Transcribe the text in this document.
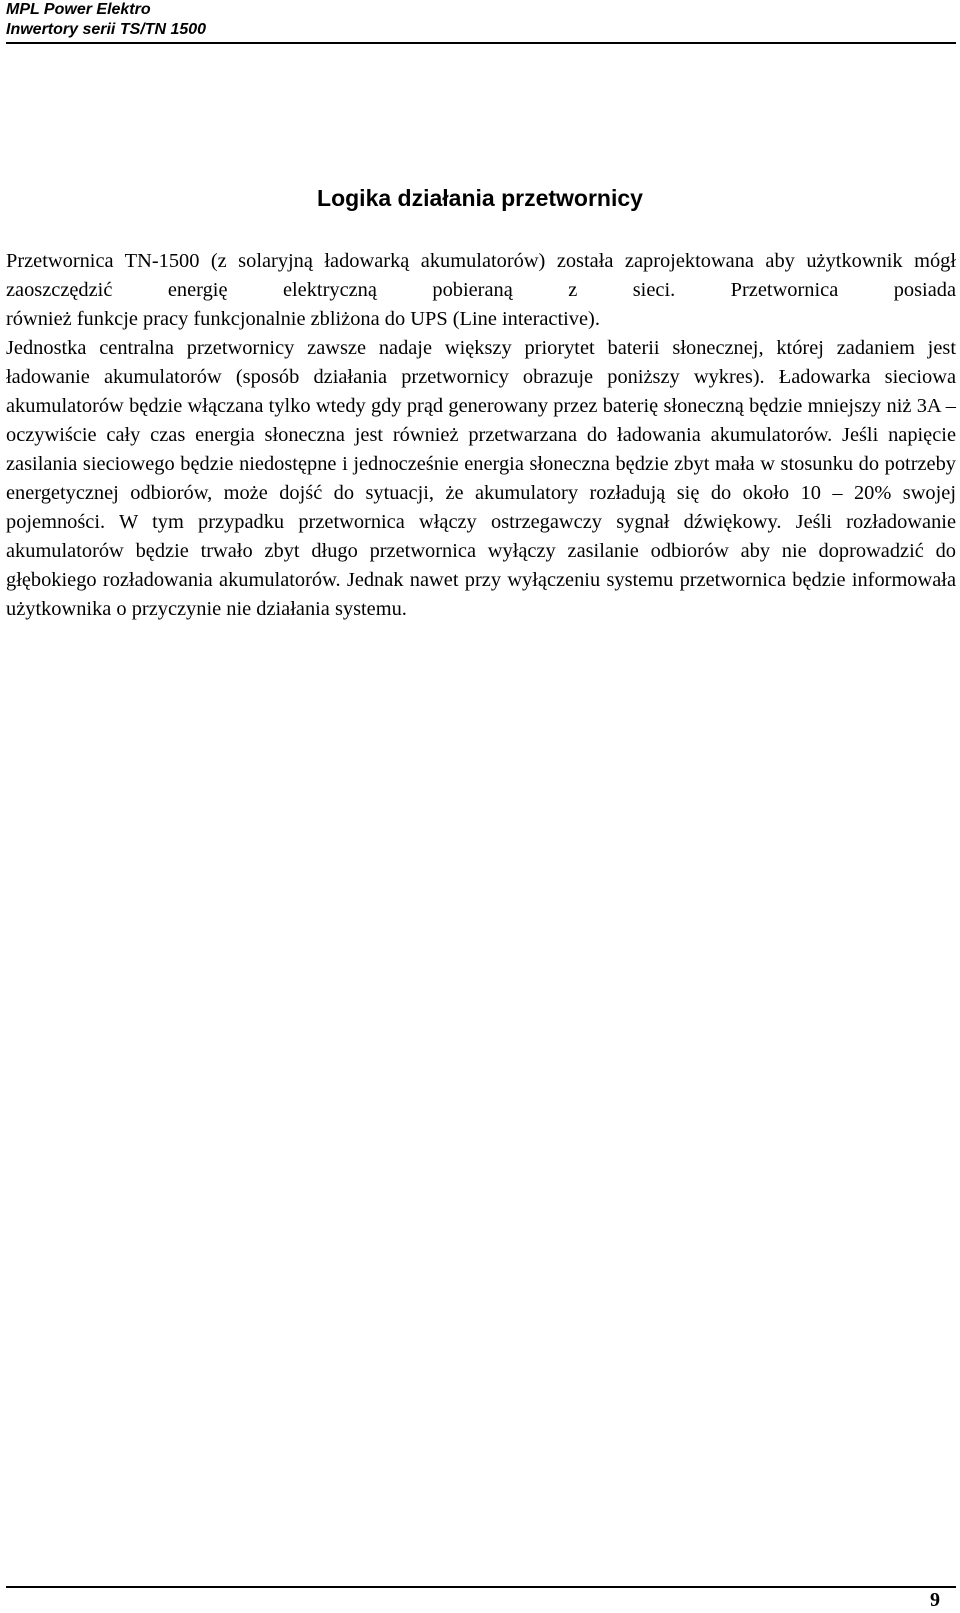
MPL Power Elektro
Inwertory serii TS/TN 1500
Logika działania przetwornicy

Przetwornica TN-1500 (z solaryjną ładowarką akumulatorów) została zaprojektowana aby użytkownik mógł zaoszczędzić energię elektryczną pobieraną z sieci. Przetwornica posiada

również funkcje pracy funkcjonalnie zbliżona do UPS (Line interactive).

Jednostka centralna przetwornicy zawsze nadaje większy priorytet baterii słonecznej, której zadaniem jest ładowanie akumulatorów (sposób działania przetwornicy obrazuje poniższy wykres). Ładowarka sieciowa akumulatorów będzie włączana tylko wtedy gdy prąd generowany przez baterię słoneczną będzie mniejszy niż 3A – oczywiście cały czas energia słoneczna jest również przetwarzana do ładowania akumulatorów. Jeśli napięcie zasilania sieciowego będzie niedostępne i jednocześnie energia słoneczna będzie zbyt mała w stosunku do potrzeby energetycznej odbiorów, może dojść do sytuacji, że akumulatory rozładują się do około 10 – 20% swojej pojemności. W tym przypadku przetwornica włączy ostrzegawczy sygnał dźwiękowy. Jeśli rozładowanie akumulatorów będzie trwało zbyt długo przetwornica wyłączy zasilanie odbiorów aby nie doprowadzić do głębokiego rozładowania akumulatorów. Jednak nawet przy wyłączeniu systemu przetwornica będzie informowała użytkownika o przyczynie nie działania systemu.

9
